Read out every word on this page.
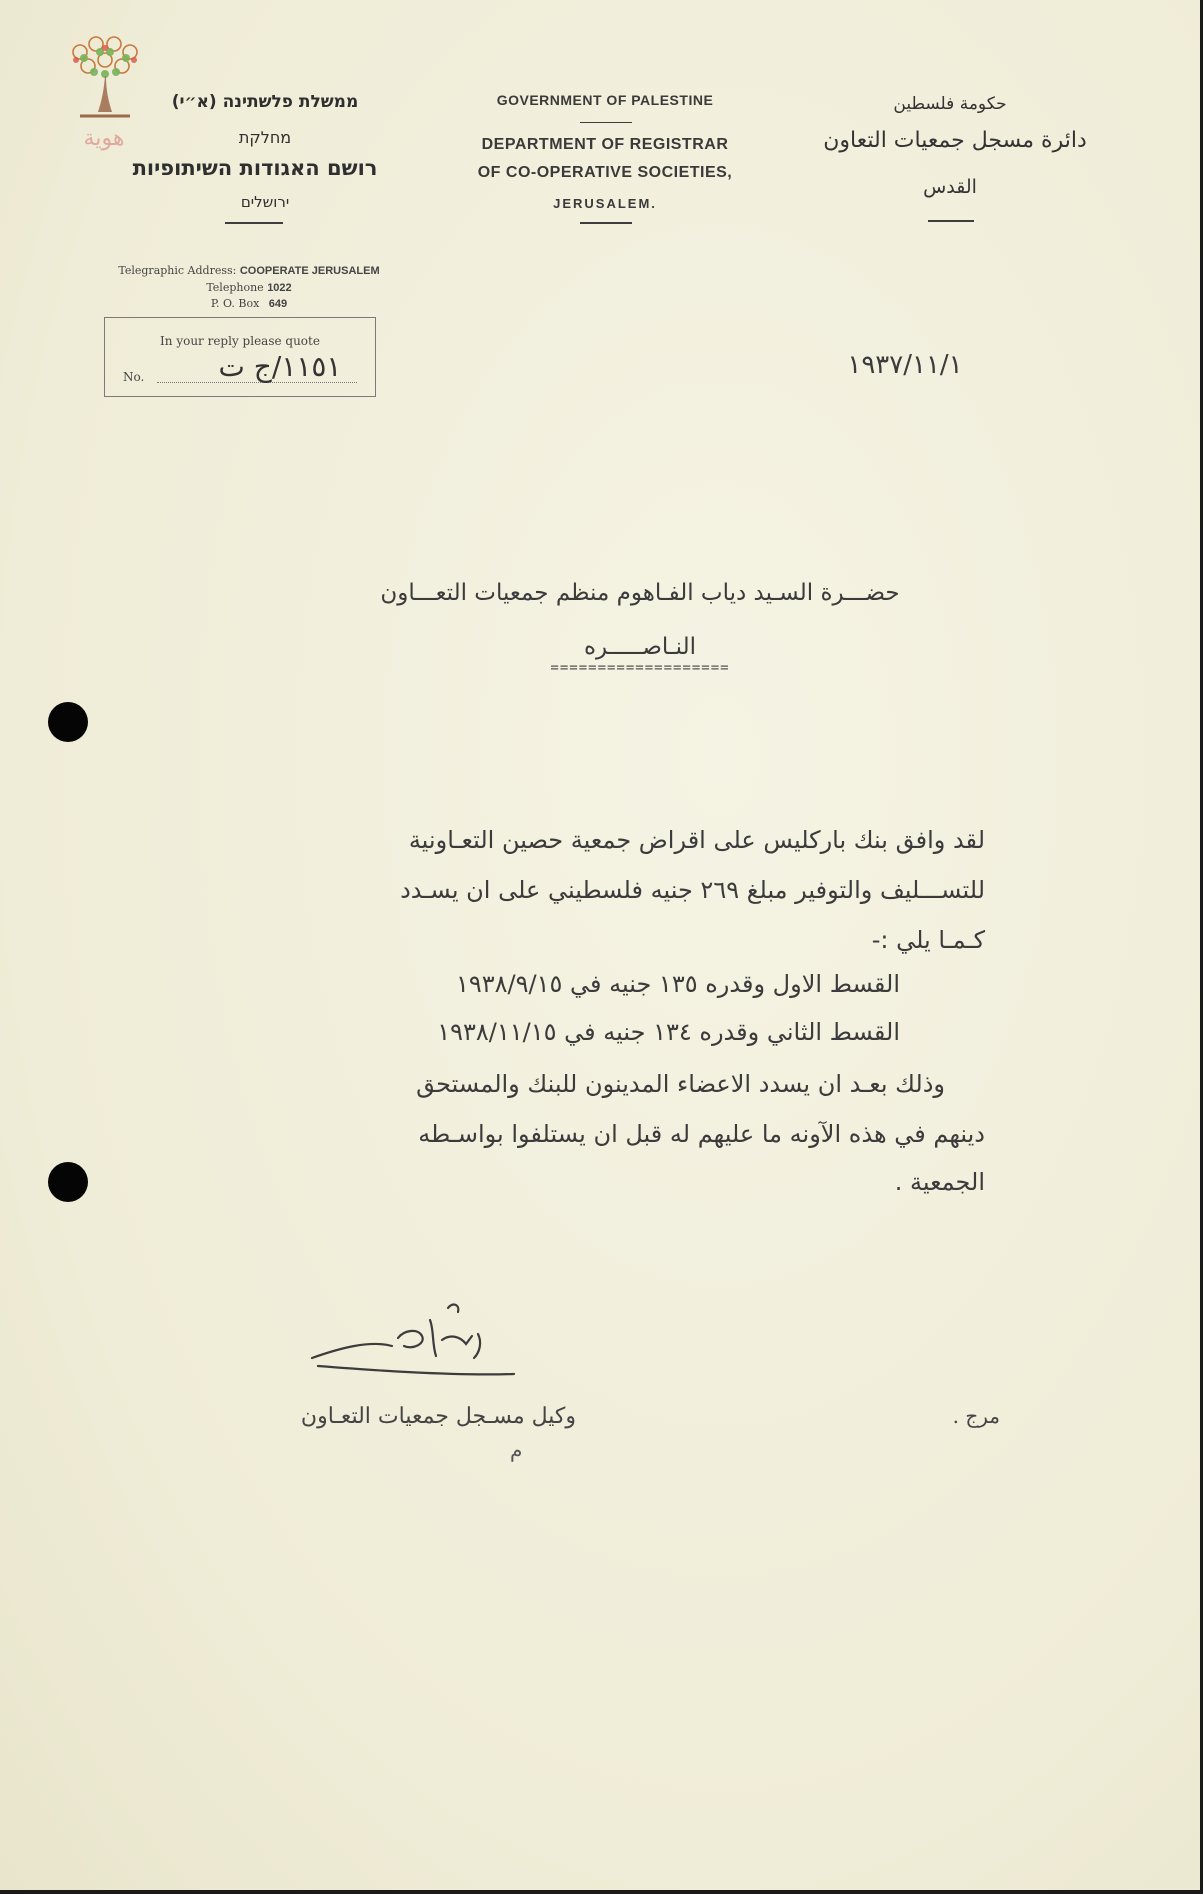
هوية
ממשלת פלשתינה (א״י)
מחלקת
רושם האגודות השיתופיות
ירושלים
GOVERNMENT OF PALESTINE
DEPARTMENT OF REGISTRAR
OF CO-OPERATIVE SOCIETIES,
JERUSALEM.
حكومة فلسطين
دائرة مسجل جمعيات التعاون
القدس
Telegraphic Address: COOPERATE JERUSALEM
Telephone 1022
P. O. Box 649
In your reply please quote
No.	١١٥١/ج ت	١٩٣٧/١١/١
حضـــرة السـيد دياب الفـاهوم منظم جمعيات التعـــاون
النـاصـــــره
===================
لقد وافق بنك باركليس على اقراض جمعية حصين التعـاونية
للتســـليف والتوفير مبلغ ٢٦٩ جنيه فلسطيني على ان يسـدد
كـمـا يلي :-
القسط الاول وقدره ١٣٥ جنيه في ١٩٣٨/٩/١٥
القسط الثاني وقدره ١٣٤ جنيه في ١٩٣٨/١١/١٥
وذلك بعـد ان يسدد الاعضاء المدينون للبنك والمستحق
دينهم في هذه الآونه ما عليهم له قبل ان يستلفوا بواسـطه
الجمعية .
وكيل مسـجل جمعيات التعـاون
م
مرج .
